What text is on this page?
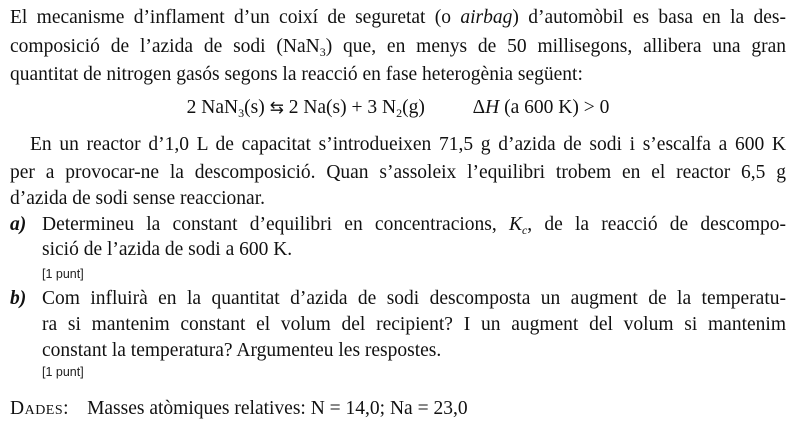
El mecanisme d’inflament d’un coixí de seguretat (o airbag) d’automòbil es basa en la des-
composició de l’azida de sodi (NaN$_3$) que, en menys de 50 millisegons, allibera una gran
quantitat de nitrogen gasós segons la reacció en fase heterogènia següent:
2 NaN$_3$(s) ⇆ 2 Na(s) + 3 $N_2(g)$ ΔH (a 600 K) > 0
En un reactor d’1,0 L de capacitat s’introdueixen 71,5 g d’azida de sodi i s’escalfa a 600 K
per a provocar-ne la descomposició. Quan s’assoleix l’equilibri trobem en el reactor 6,5 g
d’azida de sodi sense reaccionar.
a) Determineu la constant d’equilibri en concentracions, $K_c$, de la reacció de descompo-
sició de l’azida de sodi a 600 K.
[1 punt]
b) Com influirà en la quantitat d’azida de sodi descomposta un augment de la temperatu-
ra si mantenim constant el volum del recipient? I un augment del volum si mantenim
constant la temperatura? Argumenteu les respostes.
[1 punt]
Dades: Masses atòmiques relatives: N = 14,0; Na = 23,0
